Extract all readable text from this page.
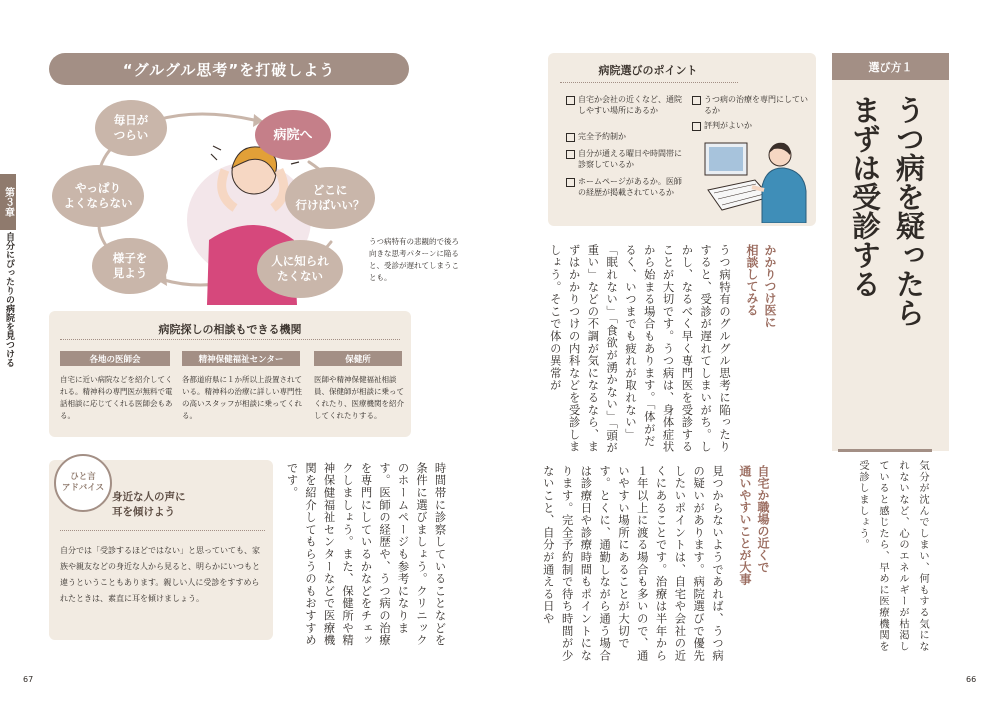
“グルグル思考”を打破しよう
毎日が
つらい	病院へ
どこに
行けばいい？
人に知られ
たくない
様子を
見よう
やっぱり
よくならない
うつ病特有の悲観的で後ろ向きな思考パターンに陥ると、受診が遅れてしまうことも。
第３章
自分にぴったりの病院を見つける	病院探しの相談もできる機関
各地の医師会
自宅に近い病院などを紹介してくれる。精神科の専門医が無料で電話相談に応じてくれる医師会もある。
精神保健福祉センター
各都道府県に１か所以上設置されている。精神科の治療に詳しい専門性の高いスタッフが相談に乗ってくれる。
保健所
医師や精神保健福祉相談員、保健師が相談に乗ってくれたり、医療機関を紹介してくれたりする。
ひと言
アドバイス
身近な人の声に
耳を傾けよう
自分では「受診するほどではない」と思っていても、家族や親友などの身近な人から見ると、明らかにいつもと違うということもあります。親しい人に受診をすすめられたときは、素直に耳を傾けましょう。	時間帯に診察していることなどを条件に選びましょう。クリニックのホームページも参考になります。医師の経歴や、うつ病の治療を専門にしているかなどをチェックしましょう。また、保健所や精神保健福祉センターなどで医療機関を紹介してもらうのもおすすめです。
67
病院選びのポイント
自宅か会社の近くなど、通院しやすい場所にあるか
完全予約制か
自分が通える曜日や時間帯に診察しているか
ホームページがあるか。医師の経歴が掲載されているか
うつ病の治療を専門にしているか
評判がよいか
選び方１
うつ病を疑ったら
まずは受診する
気分が沈んでしまい、何もする気になれないなど、心のエネルギーが枯渇していると感じたら、早めに医療機関を受診しましょう。
かかりつけ医に
相談してみる
うつ病特有のグルグル思考に陥ったりすると、受診が遅れてしまいがち。しかし、なるべく早く専門医を受診することが大切です。うつ病は、身体症状から始まる場合もあります。「体がだるく、いつまでも疲れが取れない」「眠れない」「食欲が湧かない」「頭が重い」などの不調が気になるなら、まずはかかりつけの内科などを受診しましょう。そこで体の異常が
自宅か職場の近くで
通いやすいことが大事
見つからないようであれば、うつ病の疑いがあります。病院選びで優先したいポイントは、自宅や会社の近くにあることです。治療は半年から１年以上に渡る場合も多いので、通いやすい場所にあることが大切です。とくに、通勤しながら通う場合は診療日や診療時間もポイントになります。完全予約制で待ち時間が少ないこと、自分が通える日や
66
